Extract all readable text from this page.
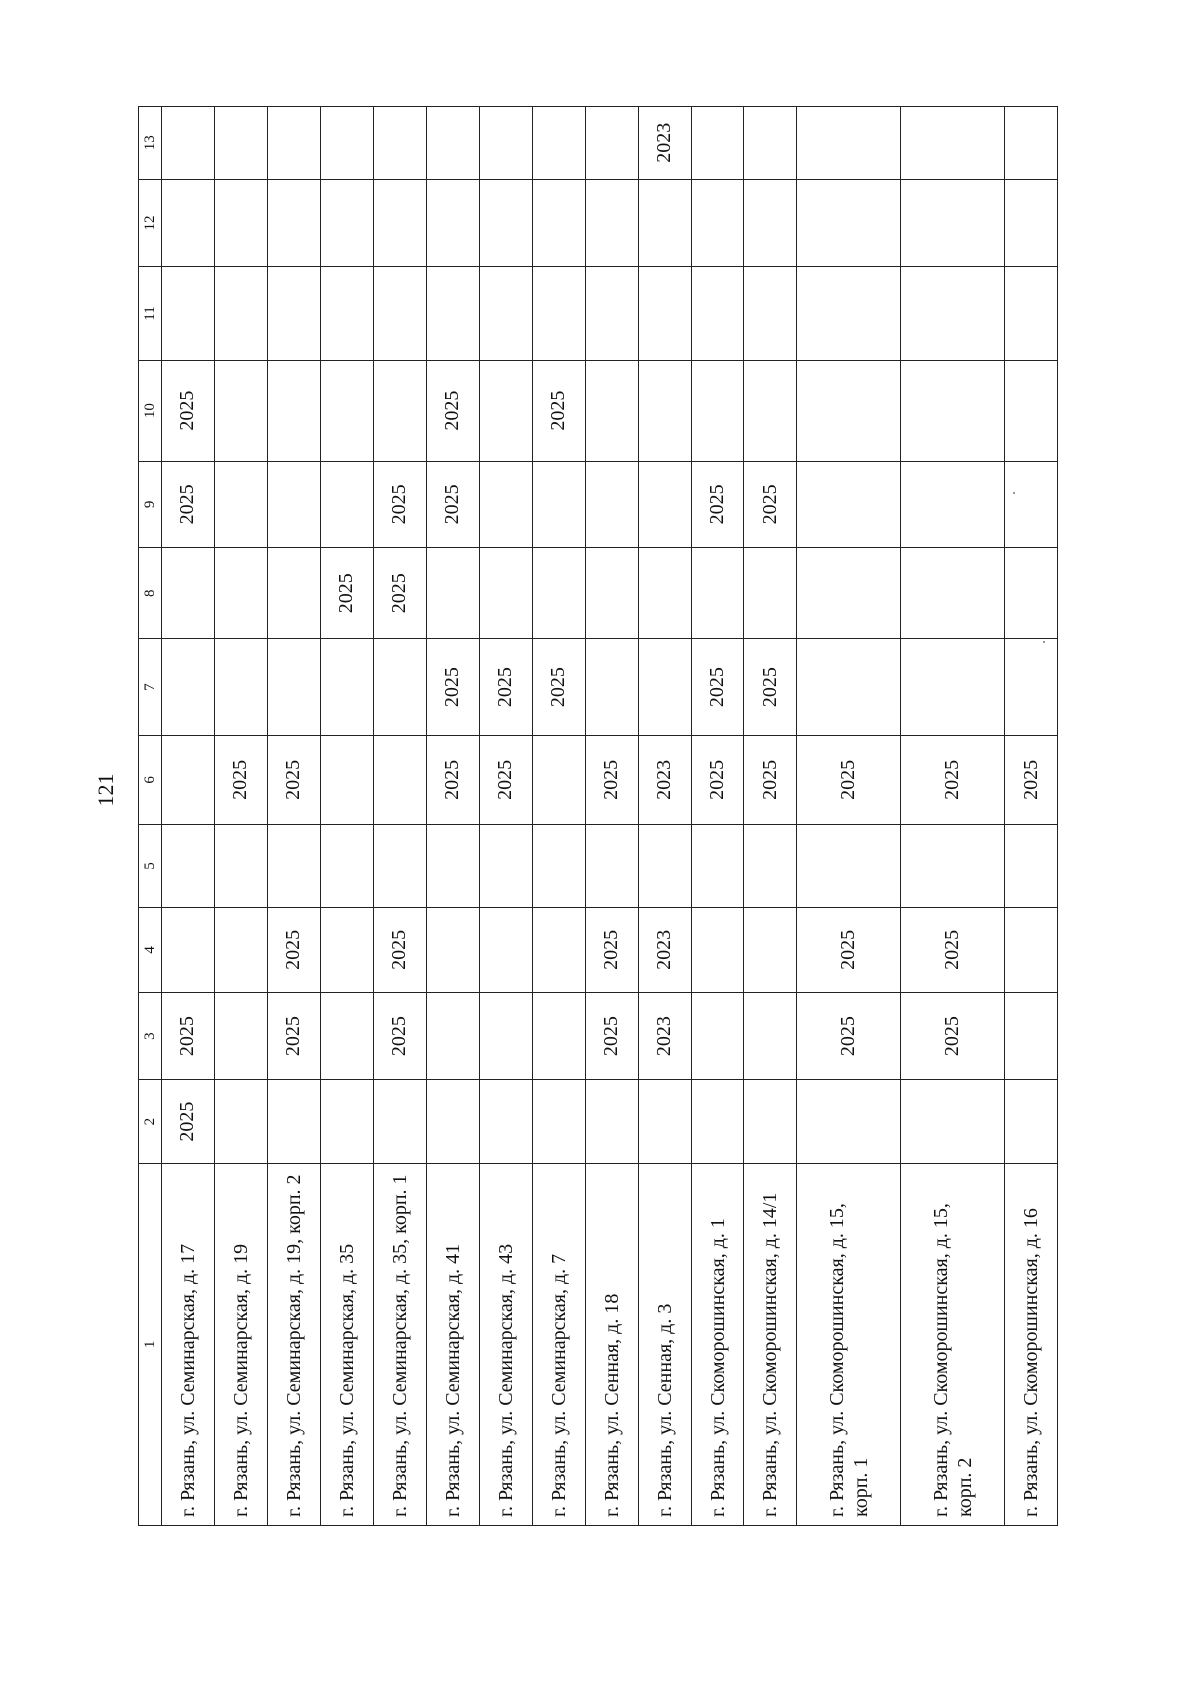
121
1	2	3	4	5	6	7	8	9	10	11	12	13
г. Рязань, ул. Семинарская, д. 17	2025	2025						2025	2025			
г. Рязань, ул. Семинарская, д. 19					2025							
г. Рязань, ул. Семинарская, д. 19, корп. 2		2025	2025		2025							
г. Рязань, ул. Семинарская, д. 35							2025					
г. Рязань, ул. Семинарская, д. 35, корп. 1		2025	2025				2025	2025				
г. Рязань, ул. Семинарская, д. 41					2025	2025		2025	2025			
г. Рязань, ул. Семинарская, д. 43					2025	2025						
г. Рязань, ул. Семинарская, д. 7						2025			2025			
г. Рязань, ул. Сенная, д. 18		2025	2025		2025							
г. Рязань, ул. Сенная, д. 3		2023	2023		2023							2023
г. Рязань, ул. Скоморошинская, д. 1					2025	2025		2025				
г. Рязань, ул. Скоморошинская, д. 14/1					2025	2025		2025				
г. Рязань, ул. Скоморошинская, д. 15, корп. 1		2025	2025		2025							
г. Рязань, ул. Скоморошинская, д. 15, корп. 2		2025	2025		2025							
г. Рязань, ул. Скоморошинская, д. 16					2025							
